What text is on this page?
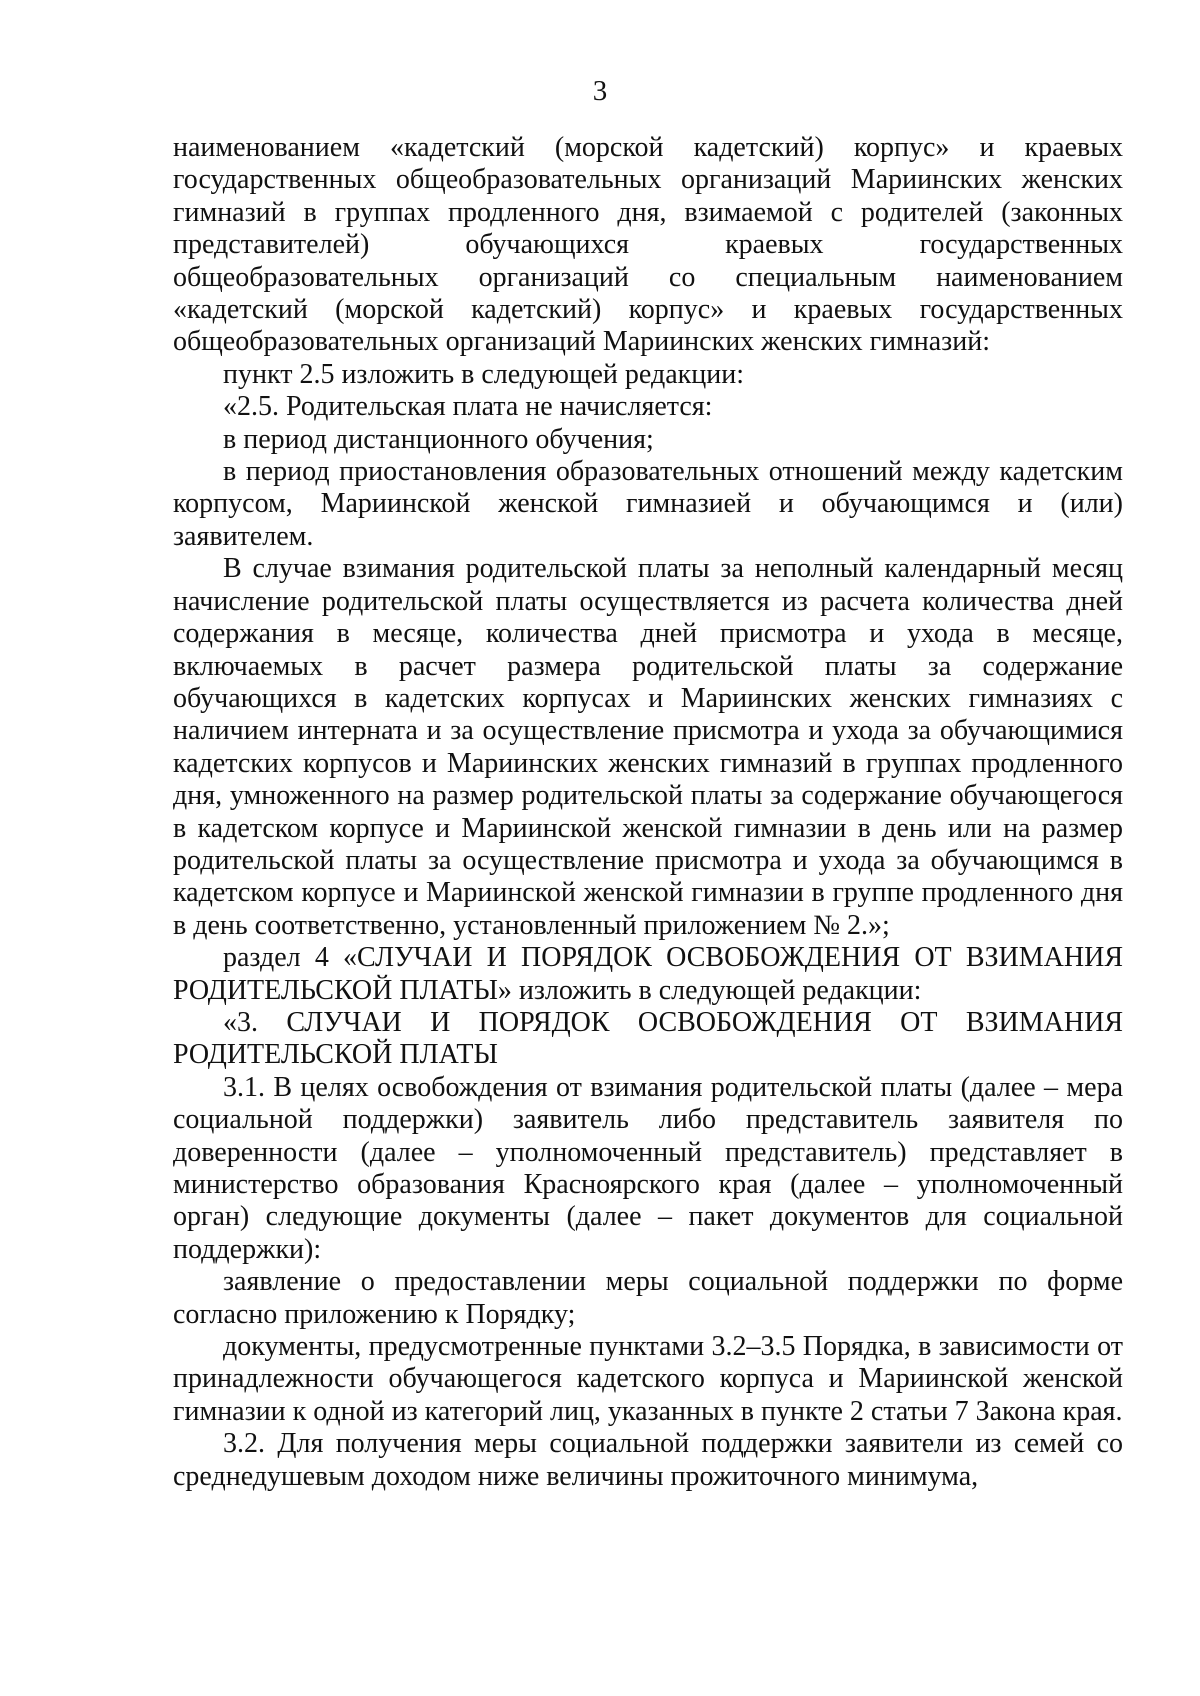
3

наименованием «кадетский (морской кадетский) корпус» и краевых государственных общеобразовательных организаций Мариинских женских гимназий в группах продленного дня, взимаемой с родителей (законных представителей) обучающихся краевых государственных общеобразовательных организаций со специальным наименованием «кадетский (морской кадетский) корпус» и краевых государственных общеобразовательных организаций Мариинских женских гимназий:

пункт 2.5 изложить в следующей редакции:

«2.5. Родительская плата не начисляется:

в период дистанционного обучения;

в период приостановления образовательных отношений между кадетским корпусом, Мариинской женской гимназией и обучающимся и (или) заявителем.

В случае взимания родительской платы за неполный календарный месяц начисление родительской платы осуществляется из расчета количества дней содержания в месяце, количества дней присмотра и ухода в месяце, включаемых в расчет размера родительской платы за содержание обучающихся в кадетских корпусах и Мариинских женских гимназиях с наличием интерната и за осуществление присмотра и ухода за обучающимися кадетских корпусов и Мариинских женских гимназий в группах продленного дня, умноженного на размер родительской платы за содержание обучающегося в кадетском корпусе и Мариинской женской гимназии в день или на размер родительской платы за осуществление присмотра и ухода за обучающимся в кадетском корпусе и Мариинской женской гимназии в группе продленного дня в день соответственно, установленный приложением № 2.»;

раздел 4 «СЛУЧАИ И ПОРЯДОК ОСВОБОЖДЕНИЯ ОТ ВЗИМАНИЯ РОДИТЕЛЬСКОЙ ПЛАТЫ» изложить в следующей редакции:

«3. СЛУЧАИ И ПОРЯДОК ОСВОБОЖДЕНИЯ ОТ ВЗИМАНИЯ РОДИТЕЛЬСКОЙ ПЛАТЫ

3.1. В целях освобождения от взимания родительской платы (далее – мера социальной поддержки) заявитель либо представитель заявителя по доверенности (далее – уполномоченный представитель) представляет в министерство образования Красноярского края (далее – уполномоченный орган) следующие документы (далее – пакет документов для социальной поддержки):

заявление о предоставлении меры социальной поддержки по форме согласно приложению к Порядку;

документы, предусмотренные пунктами 3.2–3.5 Порядка, в зависимости от принадлежности обучающегося кадетского корпуса и Мариинской женской гимназии к одной из категорий лиц, указанных в пункте 2 статьи 7 Закона края.

3.2. Для получения меры социальной поддержки заявители из семей со среднедушевым доходом ниже величины прожиточного минимума,
